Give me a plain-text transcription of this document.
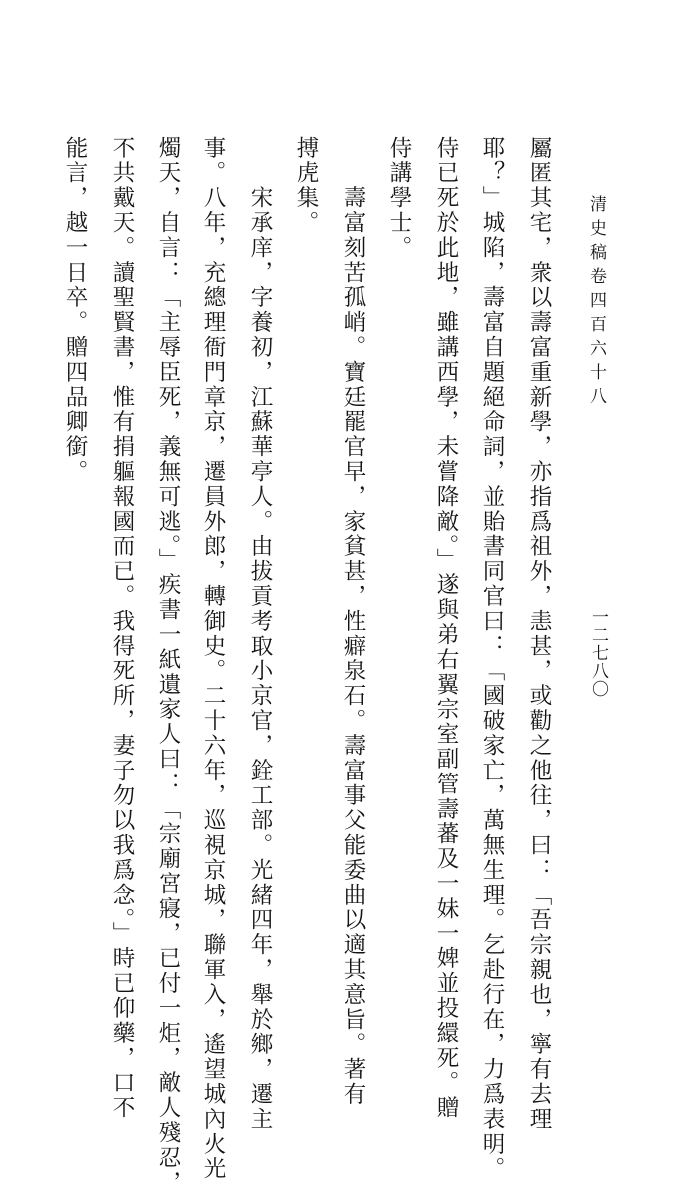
清史稿卷四百六十八
一二七八〇
屬匿其宅，衆以壽富重新學，亦指爲祖外，恚甚，或勸之他往，曰：「吾宗親也，寧有去理
耶？」城陷，壽富自題絕命詞，並貽書同官曰：「國破家亡，萬無生理。乞赴行在，力爲表明。
侍已死於此地，雖講西學，未嘗降敵。」遂與弟右翼宗室副管壽蕃及一妹一婢並投繯死。贈
侍講學士。
　　壽富刻苦孤峭。寶廷罷官早，家貧甚，性癖泉石。壽富事父能委曲以適其意旨。著有
搏虎集。
　　宋承庠，字養初，江蘇華亭人。由拔貢考取小京官，銓工部。光緒四年，舉於鄉，遷主
事。八年，充總理衙門章京，遷員外郎，轉御史。二十六年，巡視京城，聯軍入，遙望城內火光
燭天，自言：「主辱臣死，義無可逃。」疾書一紙遺家人曰：「宗廟宮寢，已付一炬，敵人殘忍，
不共戴天。讀聖賢書，惟有捐軀報國而已。我得死所，妻子勿以我爲念。」時已仰藥，口不
能言，越一日卒。贈四品卿銜。
